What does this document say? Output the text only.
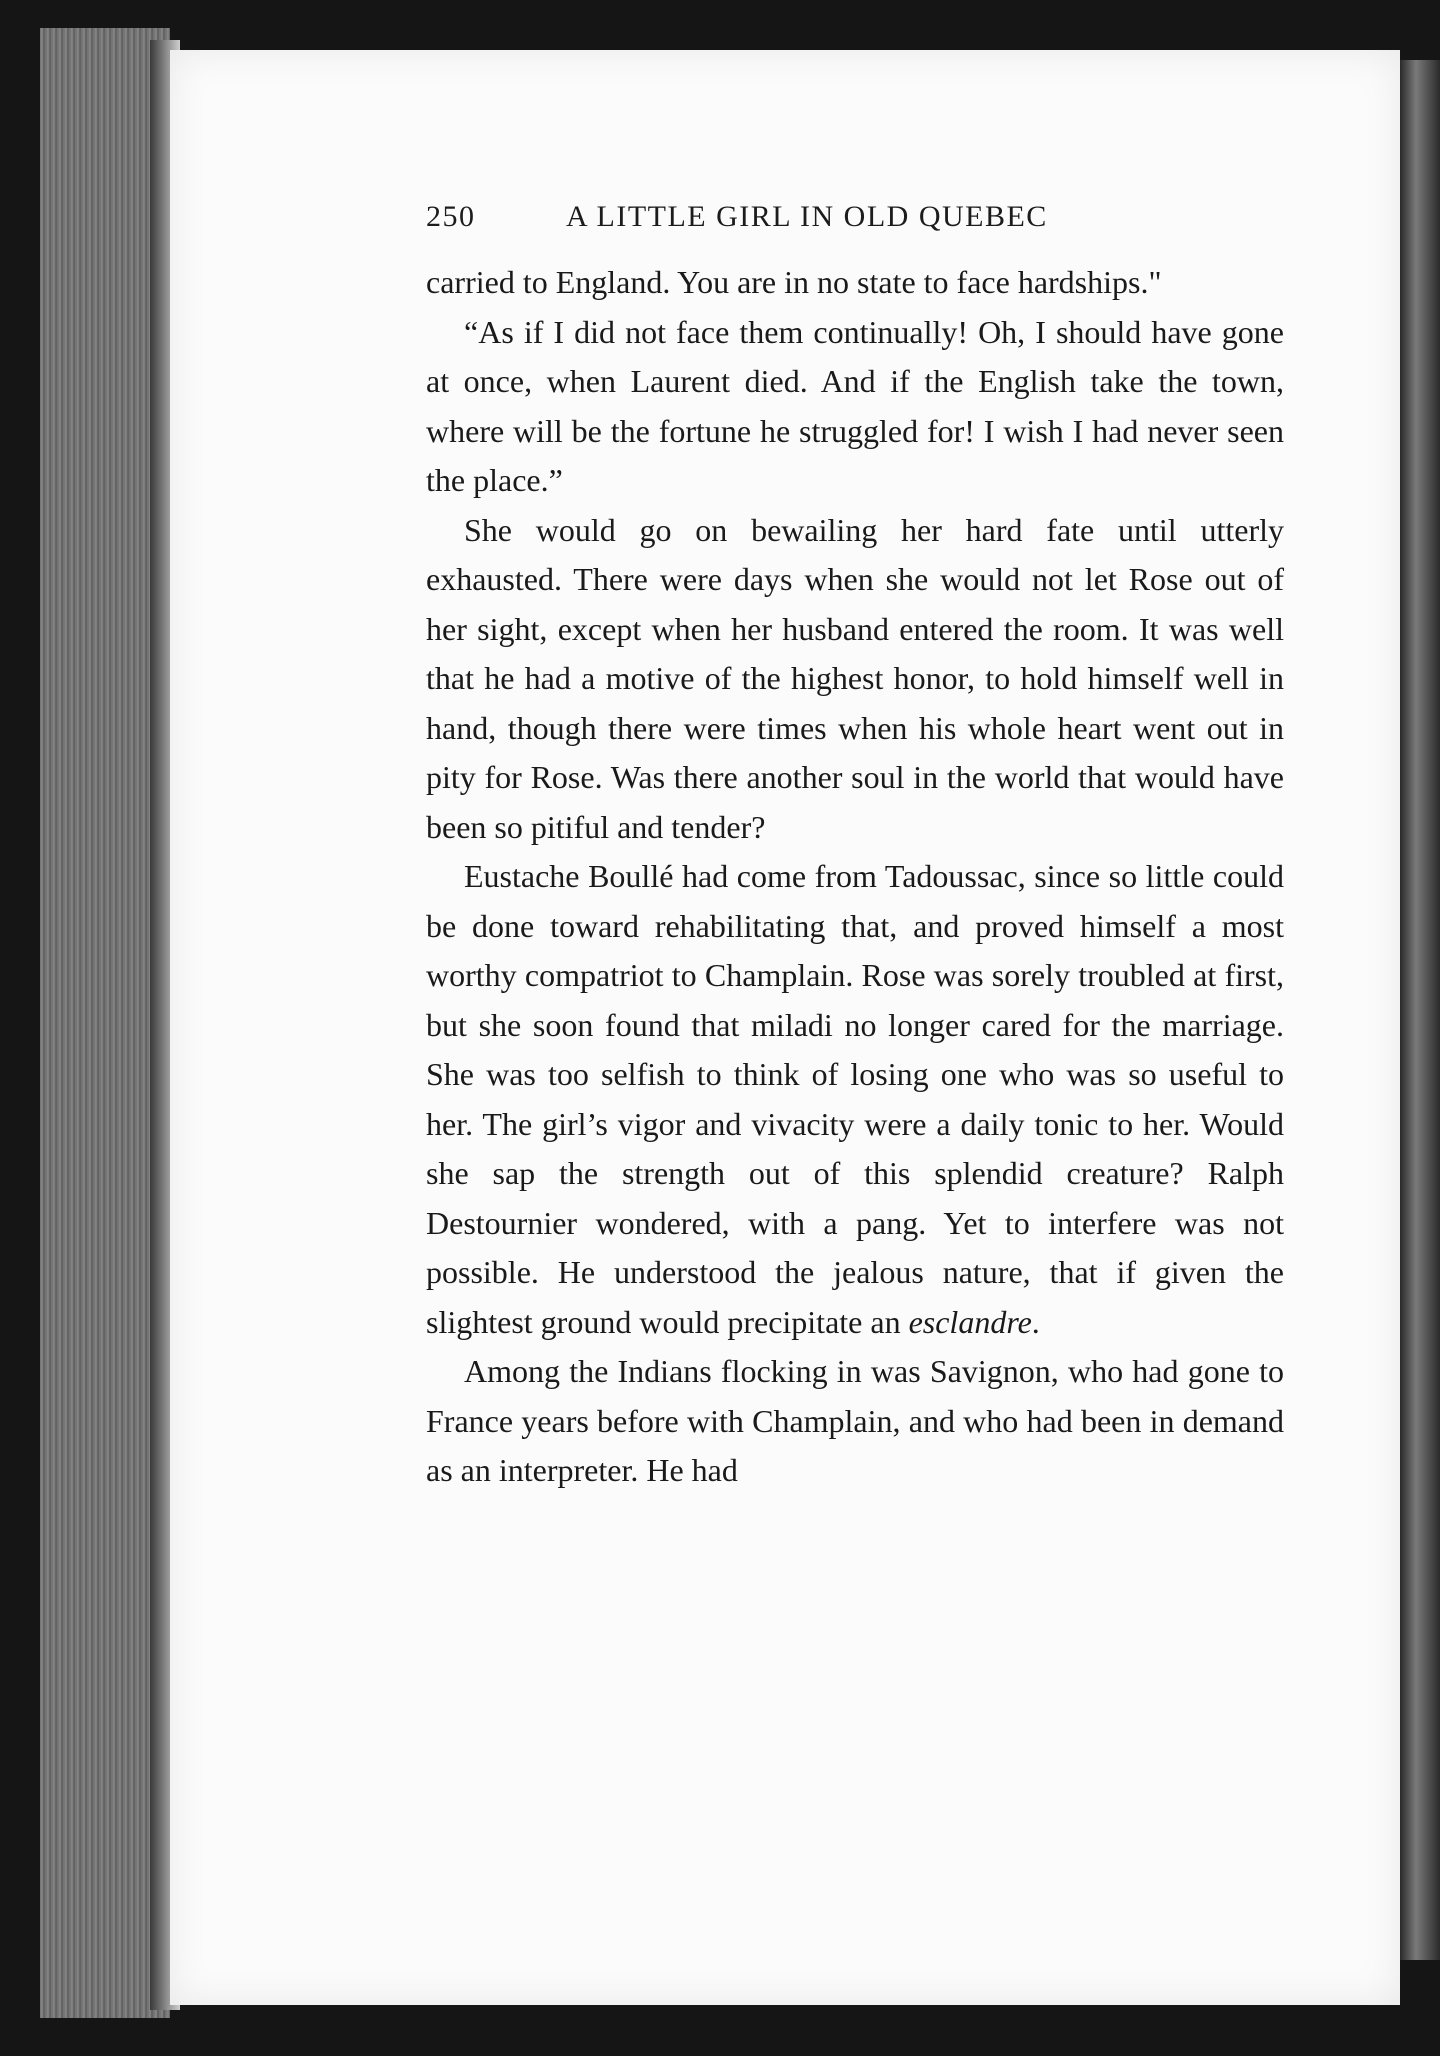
250	A LITTLE GIRL IN OLD QUEBEC

carried to England. You are in no state to face hardships."

“As if I did not face them continually! Oh, I should have gone at once, when Laurent died. And if the English take the town, where will be the fortune he struggled for! I wish I had never seen the place.”

She would go on bewailing her hard fate until utterly exhausted. There were days when she would not let Rose out of her sight, except when her husband entered the room. It was well that he had a motive of the highest honor, to hold himself well in hand, though there were times when his whole heart went out in pity for Rose. Was there another soul in the world that would have been so pitiful and tender?

Eustache Boullé had come from Tadoussac, since so little could be done toward rehabilitating that, and proved himself a most worthy compatriot to Champlain. Rose was sorely troubled at first, but she soon found that miladi no longer cared for the marriage. She was too selfish to think of losing one who was so useful to her. The girl’s vigor and vivacity were a daily tonic to her. Would she sap the strength out of this splendid creature? Ralph Destournier wondered, with a pang. Yet to interfere was not possible. He understood the jealous nature, that if given the slightest ground would precipitate an esclandre.

Among the Indians flocking in was Savignon, who had gone to France years before with Champlain, and who had been in demand as an interpreter. He had
